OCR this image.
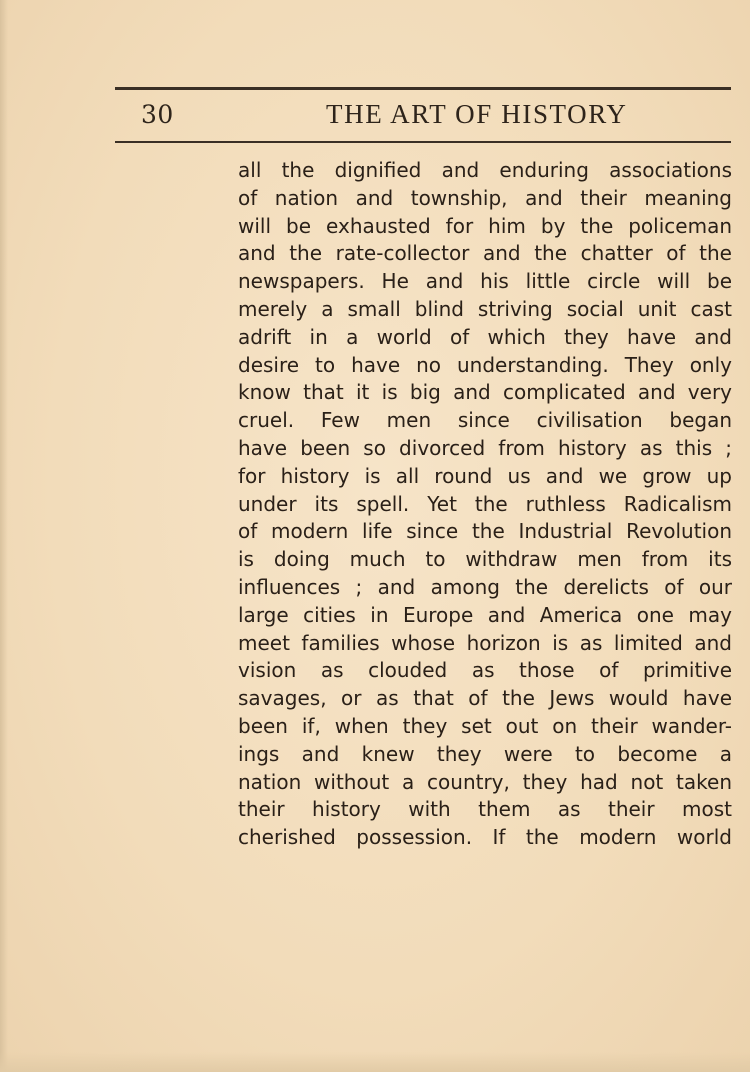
30	THE ART OF HISTORY
all the dignified and enduring associations
of nation and township, and their meaning
will be exhausted for him by the policeman
and the rate-collector and the chatter of the
newspapers. He and his little circle will be
merely a small blind striving social unit cast
adrift in a world of which they have and
desire to have no understanding. They only
know that it is big and complicated and very
cruel. Few men since civilisation began
have been so divorced from history as this ;
for history is all round us and we grow up
under its spell. Yet the ruthless Radicalism
of modern life since the Industrial Revolution
is doing much to withdraw men from its
influences ; and among the derelicts of our
large cities in Europe and America one may
meet families whose horizon is as limited and
vision as clouded as those of primitive
savages, or as that of the Jews would have
been if, when they set out on their wander-
ings and knew they were to become a
nation without a country, they had not taken
their history with them as their most
cherished possession. If the modern world
